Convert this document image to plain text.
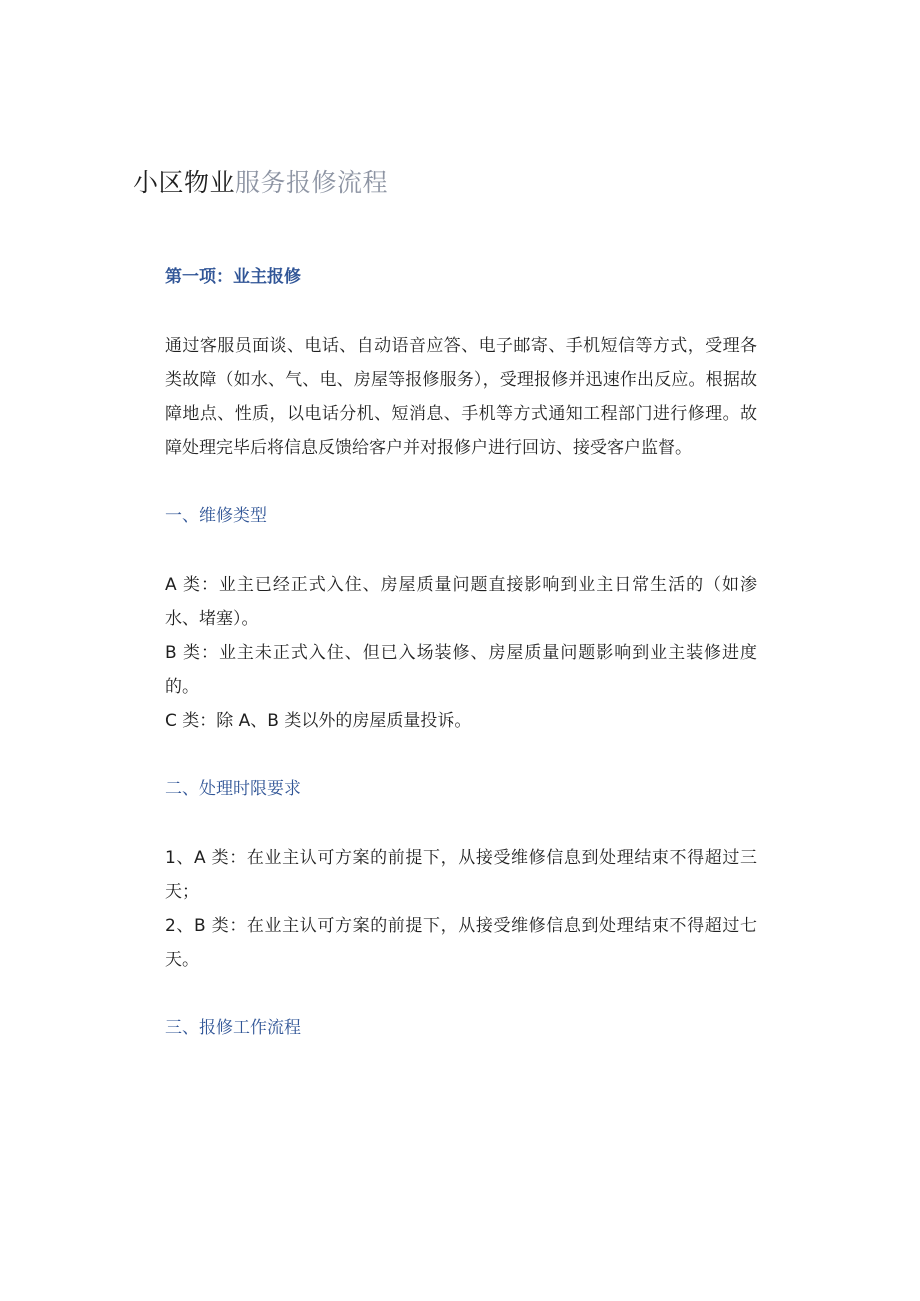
小区物业服务报修流程
第一项：业主报修

通过客服员面谈、电话、自动语音应答、电子邮寄、手机短信等方式，受理各类故障（如水、气、电、房屋等报修服务），受理报修并迅速作出反应。根据故障地点、性质，以电话分机、短消息、手机等方式通知工程部门进行修理。故障处理完毕后将信息反馈给客户并对报修户进行回访、接受客户监督。

一、维修类型

A 类：业主已经正式入住、房屋质量问题直接影响到业主日常生活的（如渗水、堵塞）。

B 类：业主未正式入住、但已入场装修、房屋质量问题影响到业主装修进度的。

C 类：除 A、B 类以外的房屋质量投诉。

二、处理时限要求

1、A 类：在业主认可方案的前提下，从接受维修信息到处理结束不得超过三天；

2、B 类：在业主认可方案的前提下，从接受维修信息到处理结束不得超过七天。

三、报修工作流程
